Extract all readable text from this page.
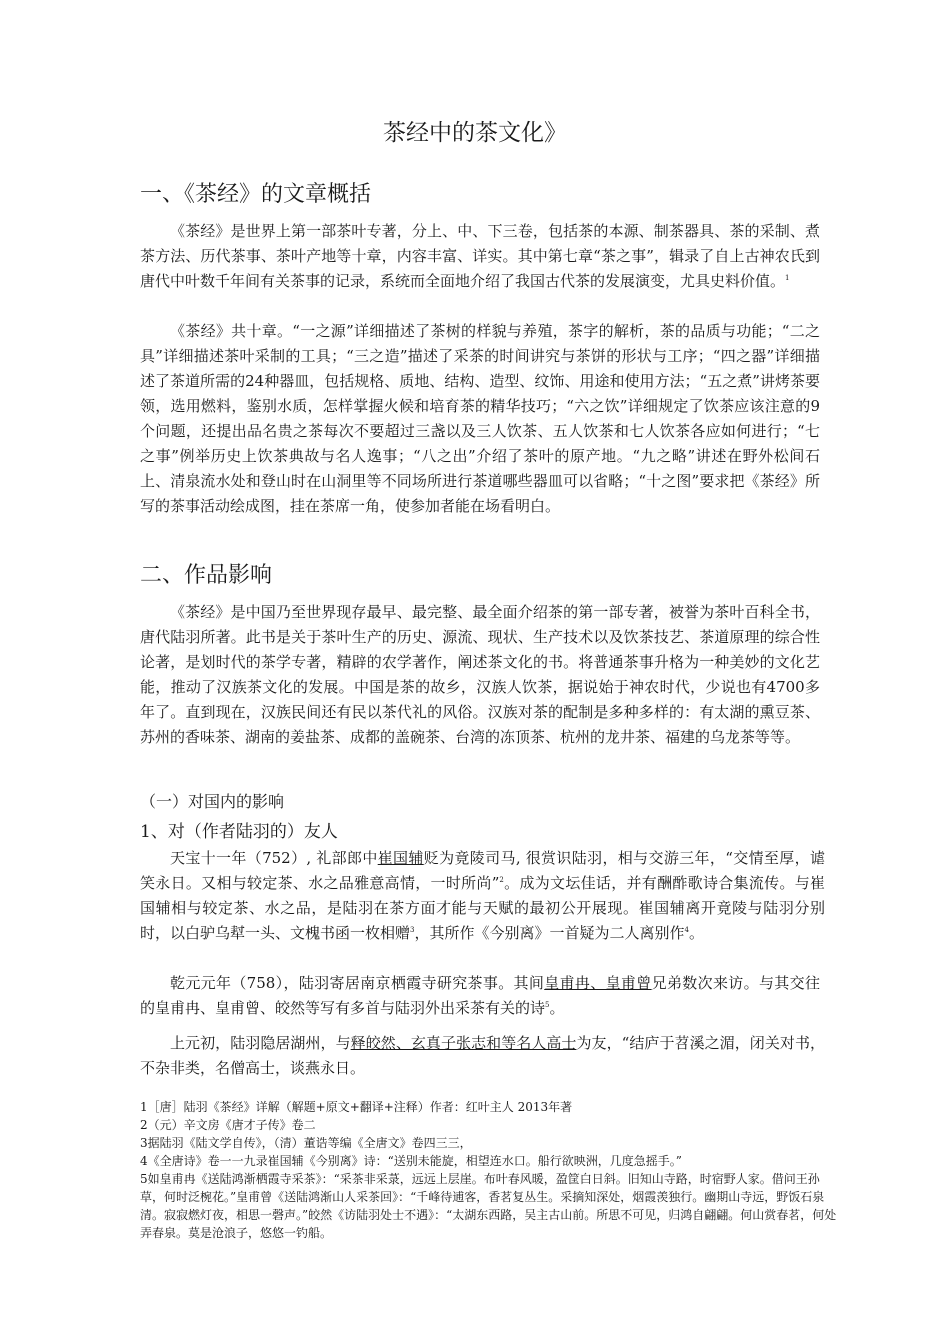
茶经中的茶文化》
一、《茶经》的文章概括

《茶经》是世界上第一部茶叶专著，分上、中、下三卷，包括茶的本源、制茶器具、茶的采制、煮茶方法、历代茶事、茶叶产地等十章，内容丰富、详实。其中第七章“茶之事”，辑录了自上古神农氏到唐代中叶数千年间有关茶事的记录，系统而全面地介绍了我国古代茶的发展演变，尤具史料价值。$^1$

《茶经》共十章。“一之源”详细描述了茶树的样貌与养殖，茶字的解析，茶的品质与功能；“二之具”详细描述茶叶采制的工具；“三之造”描述了采茶的时间讲究与茶饼的形状与工序；“四之器”详细描述了茶道所需的24种器皿，包括规格、质地、结构、造型、纹饰、用途和使用方法；“五之煮”讲烤茶要领，选用燃料，鉴别水质，怎样掌握火候和培育茶的精华技巧；“六之饮”详细规定了饮茶应该注意的9个问题，还提出品名贵之茶每次不要超过三盏以及三人饮茶、五人饮茶和七人饮茶各应如何进行；“七之事”例举历史上饮茶典故与名人逸事；“八之出”介绍了茶叶的原产地。“九之略”讲述在野外松间石上、清泉流水处和登山时在山洞里等不同场所进行茶道哪些器皿可以省略；“十之图”要求把《茶经》所写的茶事活动绘成图，挂在茶席一角，使参加者能在场看明白。

二、作品影响

《茶经》是中国乃至世界现存最早、最完整、最全面介绍茶的第一部专著，被誉为茶叶百科全书，唐代陆羽所著。此书是关于茶叶生产的历史、源流、现状、生产技术以及饮茶技艺、茶道原理的综合性论著，是划时代的茶学专著，精辟的农学著作，阐述茶文化的书。将普通茶事升格为一种美妙的文化艺能，推动了汉族茶文化的发展。中国是茶的故乡，汉族人饮茶，据说始于神农时代，少说也有4700多年了。直到现在，汉族民间还有民以茶代礼的风俗。汉族对茶的配制是多种多样的：有太湖的熏豆茶、苏州的香味茶、湖南的姜盐茶、成都的盖碗茶、台湾的冻顶茶、杭州的龙井茶、福建的乌龙茶等等。

（一）对国内的影响
1、对（作者陆羽的）友人

天宝十一年（752）, 礼部郎中崔国辅贬为竟陵司马, 很赏识陆羽，相与交游三年，“交情至厚，谑笑永日。又相与较定茶、水之品雅意高情，一时所尚”$^2$。成为文坛佳话，并有酬酢歌诗合集流传。与崔国辅相与较定茶、水之品，是陆羽在茶方面才能与天赋的最初公开展现。崔国辅离开竟陵与陆羽分别时，以白驴乌犎一头、文槐书函一枚相赠$^3$，其所作《今别离》一首疑为二人离别作$^4$。

乾元元年（758），陆羽寄居南京栖霞寺研究茶事。其间皇甫冉、皇甫曾兄弟数次来访。与其交往的皇甫冉、皇甫曾、皎然等写有多首与陆羽外出采茶有关的诗$^5$。

上元初，陆羽隐居湖州，与释皎然、玄真子张志和等名人高士为友，“结庐于苕溪之湄，闭关对书，不杂非类，名僧高士，谈燕永日。

1［唐］陆羽《茶经》详解（解题+原文+翻译+注释）作者：红叶主人 2013年著

2（元）辛文房《唐才子传》卷二

3据陆羽《陆文学自传》，（清）董诰等编《全唐文》卷四三三，

4《全唐诗》卷一一九录崔国辅《今别离》诗：“送别未能旋，相望连水口。船行欲映洲，几度急摇手。”

5如皇甫冉《送陆鸿渐栖霞寺采茶》：“采茶非采菉，远远上层崖。布叶春风暖，盈筐白日斜。旧知山寺路，时宿野人家。借问王孙草，何时泛椀花。”皇甫曾《送陆鸿渐山人采茶回》：“千峰待逋客，香茗复丛生。采摘知深处，烟霞羡独行。幽期山寺远，野饭石泉清。寂寂燃灯夜，相思一磬声。”皎然《访陆羽处士不遇》：“太湖东西路，吴主古山前。所思不可见，归鸿自翩翩。何山赏春茗，何处弄春泉。莫是沧浪子，悠悠一钓船。
